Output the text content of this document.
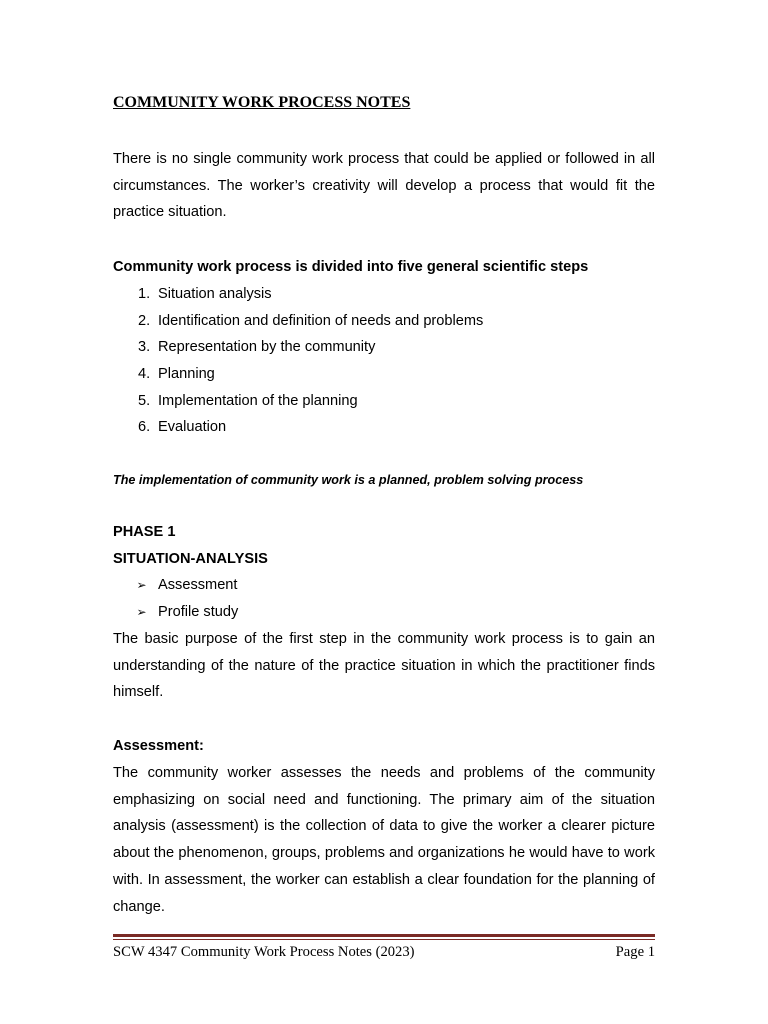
COMMUNITY WORK PROCESS NOTES

There is no single community work process that could be applied or followed in all circumstances. The worker’s creativity will develop a process that would fit the practice situation.

Community work process is divided into five general scientific steps

1. Situation analysis
2. Identification and definition of needs and problems
3. Representation by the community
4. Planning
5. Implementation of the planning
6. Evaluation

The implementation of community work is a planned, problem solving process

PHASE 1

SITUATION-ANALYSIS

➢ Assessment
➢ Profile study

The basic purpose of the first step in the community work process is to gain an understanding of the nature of the practice situation in which the practitioner finds himself.

Assessment:

The community worker assesses the needs and problems of the community emphasizing on social need and functioning. The primary aim of the situation analysis (assessment) is the collection of data to give the worker a clearer picture about the phenomenon, groups, problems and organizations he would have to work with. In assessment, the worker can establish a clear foundation for the planning of change.

SCW 4347 Community Work Process Notes (2023)	Page 1
